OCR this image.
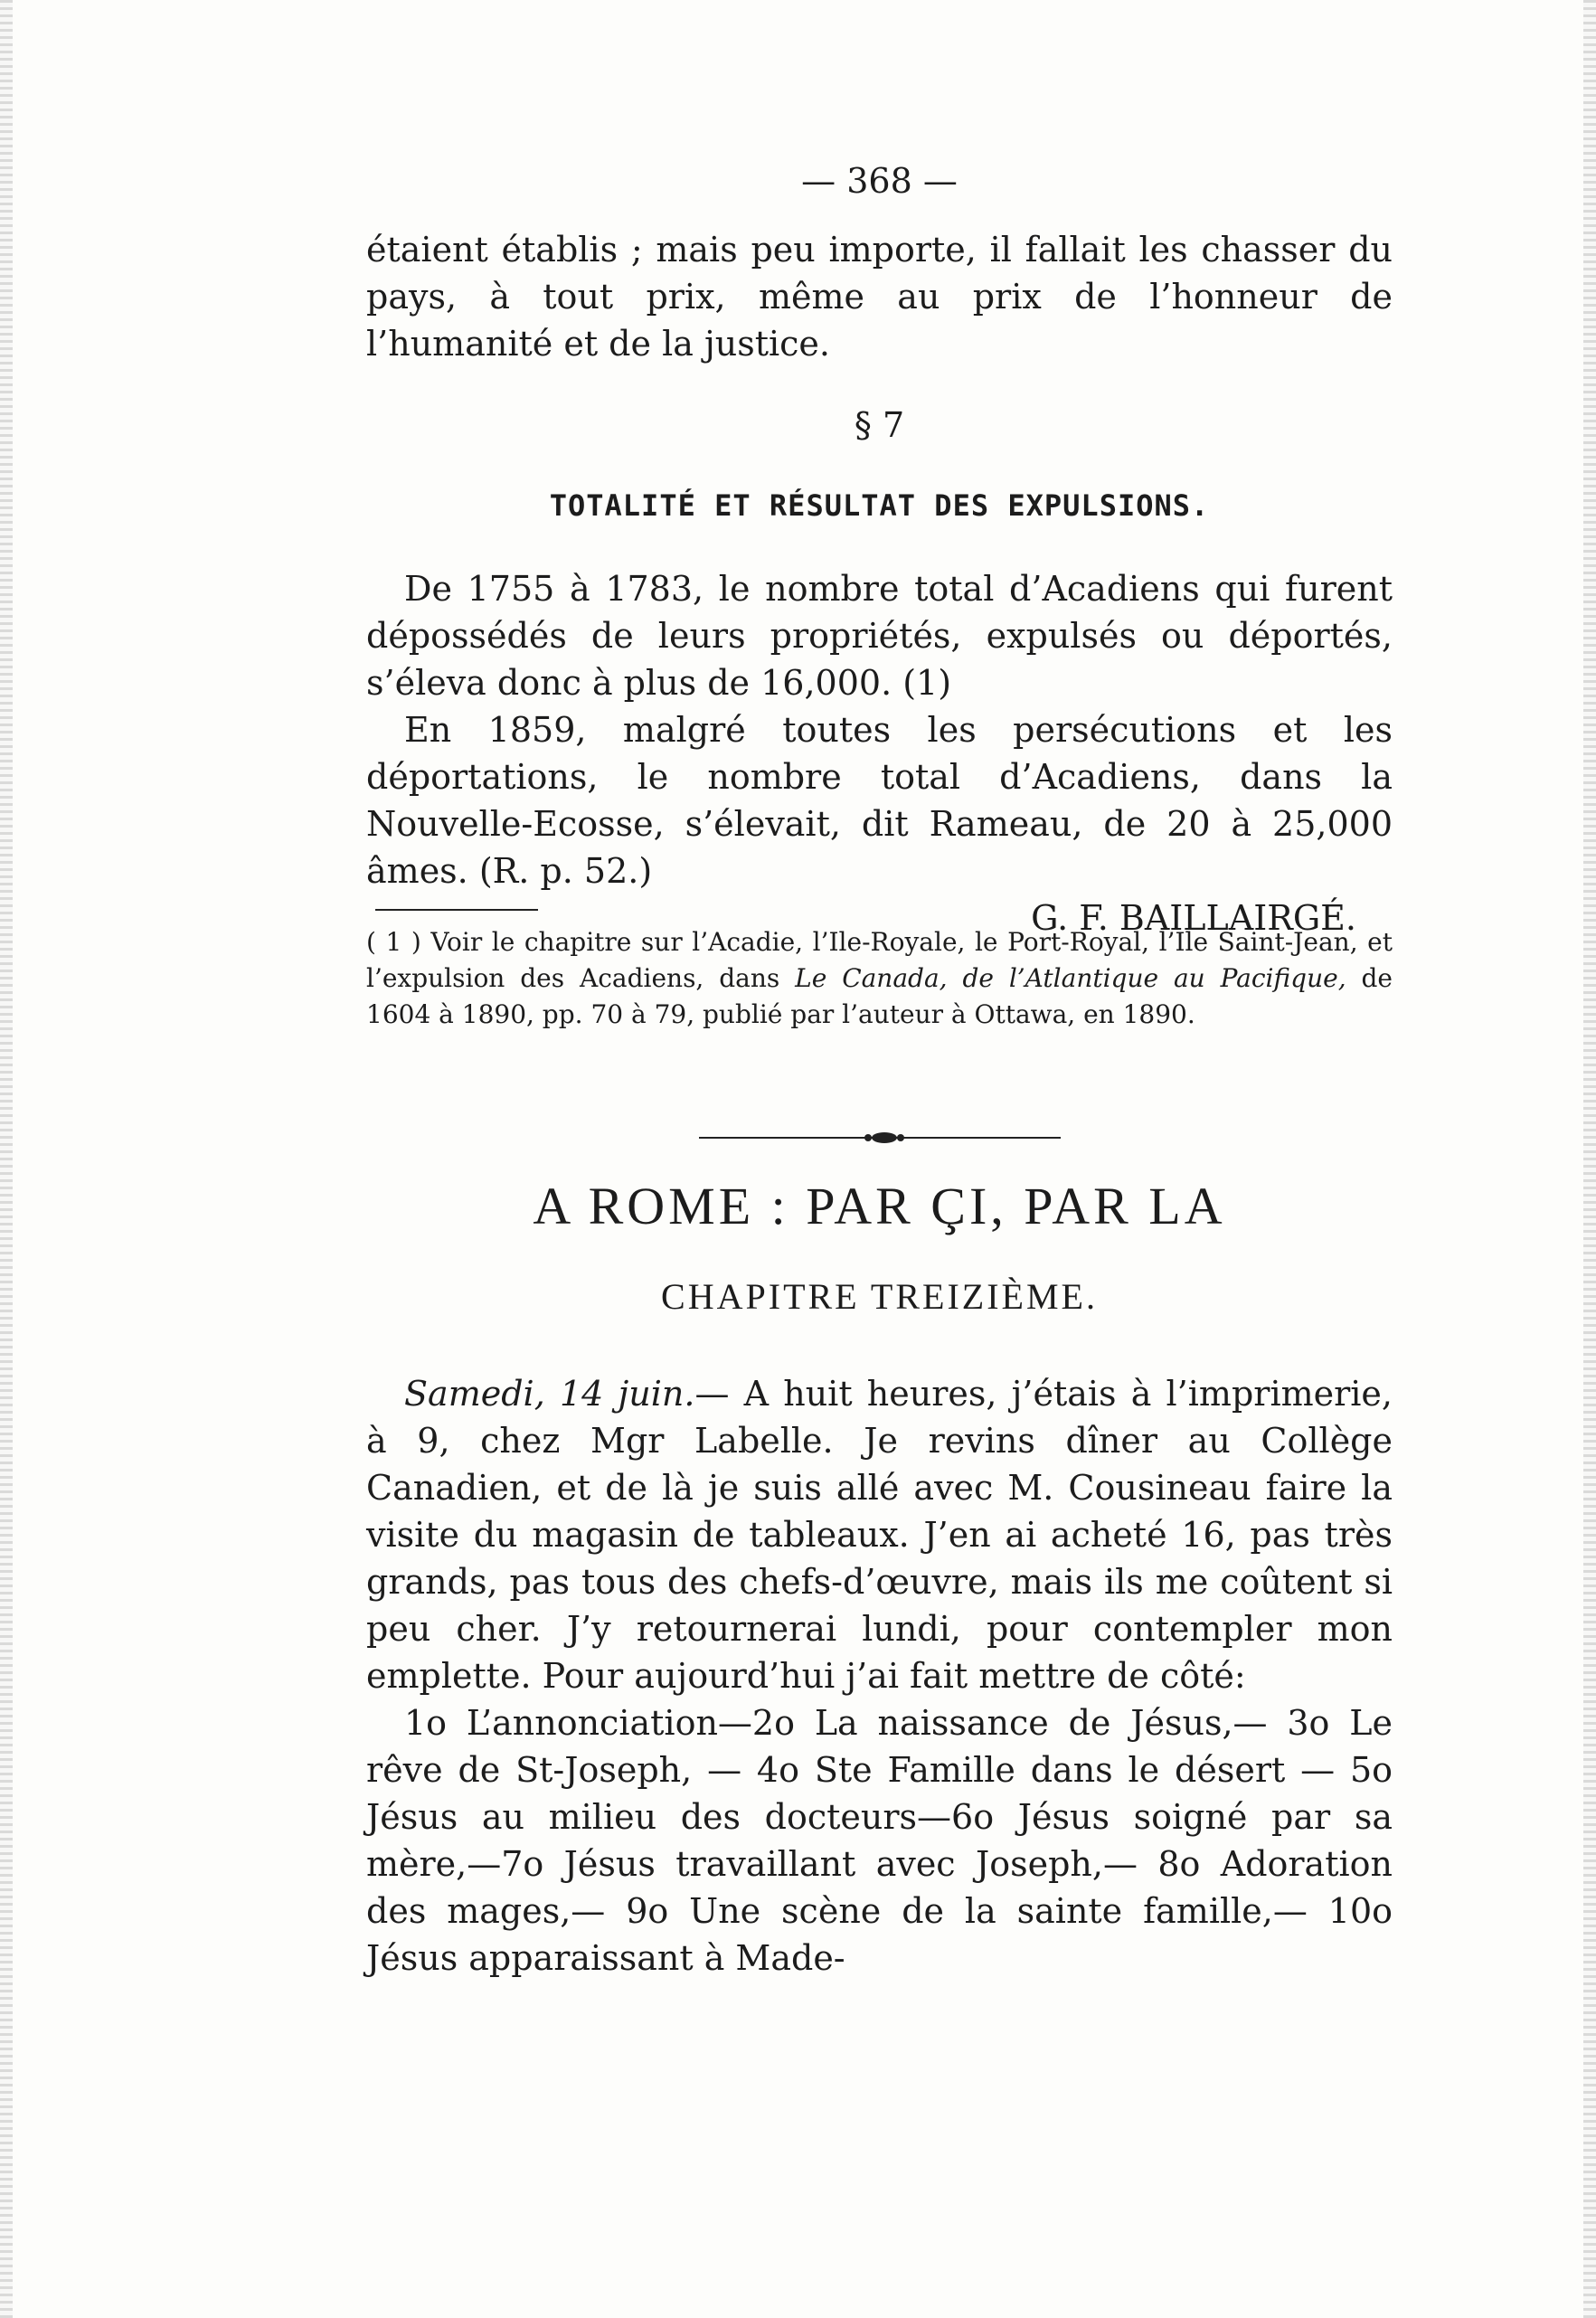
— 368 —

étaient établis ; mais peu importe, il fallait les chasser du pays, à tout prix, même au prix de l’honneur de l’humanité et de la justice.

§ 7
TOTALITÉ ET RÉSULTAT DES EXPULSIONS.

De 1755 à 1783, le nombre total d’Acadiens qui furent dépossédés de leurs propriétés, expulsés ou déportés, s’éleva donc à plus de 16,000. (1)

En 1859, malgré toutes les persécutions et les déportations, le nombre total d’Acadiens, dans la Nouvelle-Ecosse, s’élevait, dit Rameau, de 20 à 25,000 âmes. (R. p. 52.)

G. F. BAILLAIRGÉ.

( 1 ) Voir le chapitre sur l’Acadie, l’Ile-Royale, le Port-Royal, l’Ile Saint-Jean, et l’expulsion des Acadiens, dans Le Canada, de l’Atlantique au Pacifique, de 1604 à 1890, pp. 70 à 79, publié par l’auteur à Ottawa, en 1890.
A ROME : PAR ÇI, PAR LA
CHAPITRE TREIZIÈME.

Samedi, 14 juin.— A huit heures, j’étais à l’imprimerie, à 9, chez Mgr Labelle. Je revins dîner au Collège Canadien, et de là je suis allé avec M. Cousineau faire la visite du magasin de tableaux. J’en ai acheté 16, pas très grands, pas tous des chefs-d’œuvre, mais ils me coûtent si peu cher. J’y retournerai lundi, pour contempler mon emplette. Pour aujourd’hui j’ai fait mettre de côté:

1o L’annonciation—2o La naissance de Jésus,— 3o Le rêve de St-Joseph, — 4o Ste Famille dans le désert — 5o Jésus au milieu des docteurs—6o Jésus soigné par sa mère,—7o Jésus travaillant avec Joseph,— 8o Adoration des mages,— 9o Une scène de la sainte famille,— 10o Jésus apparaissant à Made-
